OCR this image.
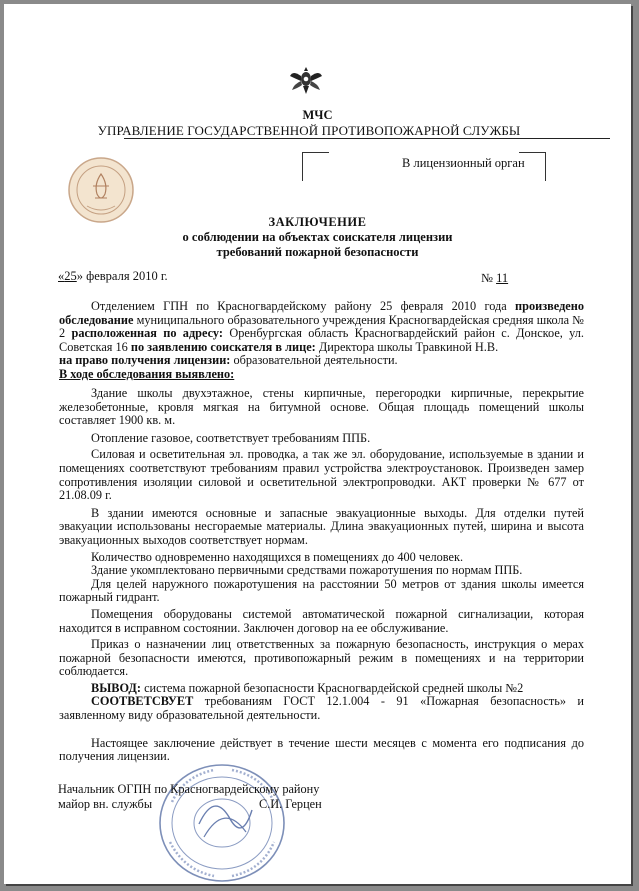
МЧС
УПРАВЛЕНИЕ ГОСУДАРСТВЕННОЙ ПРОТИВОПОЖАРНОЙ СЛУЖБЫ
В лицензионный орган
ЗАКЛЮЧЕНИЕ
о соблюдении на объектах соискателя лицензии
требований пожарной безопасности
«25» февраля 2010 г.	№ 11

Отделением ГПН по Красногвардейскому району 25 февраля 2010 года произведено обследование муниципального образовательного учреждения Красногвардейская средняя школа № 2 расположенная по адресу: Оренбургская область Красногвардейский район с. Донское, ул. Советская 16 по заявлению соискателя в лице: Директора школы Травкиной Н.В.

на право получения лицензии: образовательной деятельности.

В ходе обследования выявлено:

Здание школы двухэтажное, стены кирпичные, перегородки кирпичные, перекрытие железобетонные, кровля мягкая на битумной основе. Общая площадь помещений школы составляет 1900 кв. м.

Отопление газовое, соответствует требованиям ППБ.

Силовая и осветительная эл. проводка, а так же эл. оборудование, используемые в здании и помещениях соответствуют требованиям правил устройства электроустановок. Произведен замер сопротивления изоляции силовой и осветительной электропроводки. АКТ проверки № 677 от 21.08.09 г.

В здании имеются основные и запасные эвакуационные выходы. Для отделки путей эвакуации использованы несгораемые материалы. Длина эвакуационных путей, ширина и высота эвакуационных выходов соответствует нормам.

Количество одновременно находящихся в помещениях до 400 человек.

Здание укомплектовано первичными средствами пожаротушения по нормам ППБ.

Для целей наружного пожаротушения на расстоянии 50 метров от здания школы имеется пожарный гидрант.

Помещения оборудованы системой автоматической пожарной сигнализации, которая находится в исправном состоянии. Заключен договор на ее обслуживание.

Приказ о назначении лиц ответственных за пожарную безопасность, инструкция о мерах пожарной безопасности имеются, противопожарный режим в помещениях и на территории соблюдается.

ВЫВОД: система пожарной безопасности Красногвардейской средней школы №2

СООТВЕТСВУЕТ требованиям ГОСТ 12.1.004 - 91 «Пожарная безопасность» и заявленному виду образовательной деятельности.

Настоящее заключение действует в течение шести месяцев с момента его подписания до получения лицензии.

Начальник ОГПН по Красногвардейскому району
майор вн. службы	С.И. Герцен
